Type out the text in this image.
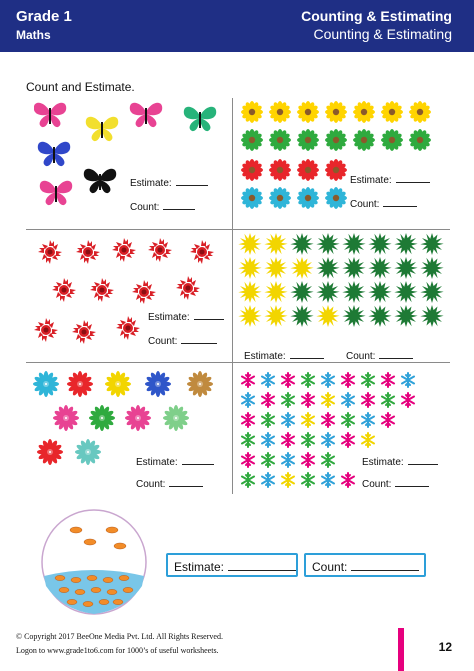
Grade 1
Maths
Counting & Estimating
Counting & Estimating
Count and Estimate.
Estimate:
Count:
Estimate:
Count:
Estimate:
Count:
Estimate:	Count:
Estimate:
Count:
Estimate:
Count:
Estimate:	Count:
© Copyright 2017 BeeOne Media Pvt. Ltd. All Rights Reserved.
Logon to www.grade1to6.com for 1000’s of useful worksheets.	12
